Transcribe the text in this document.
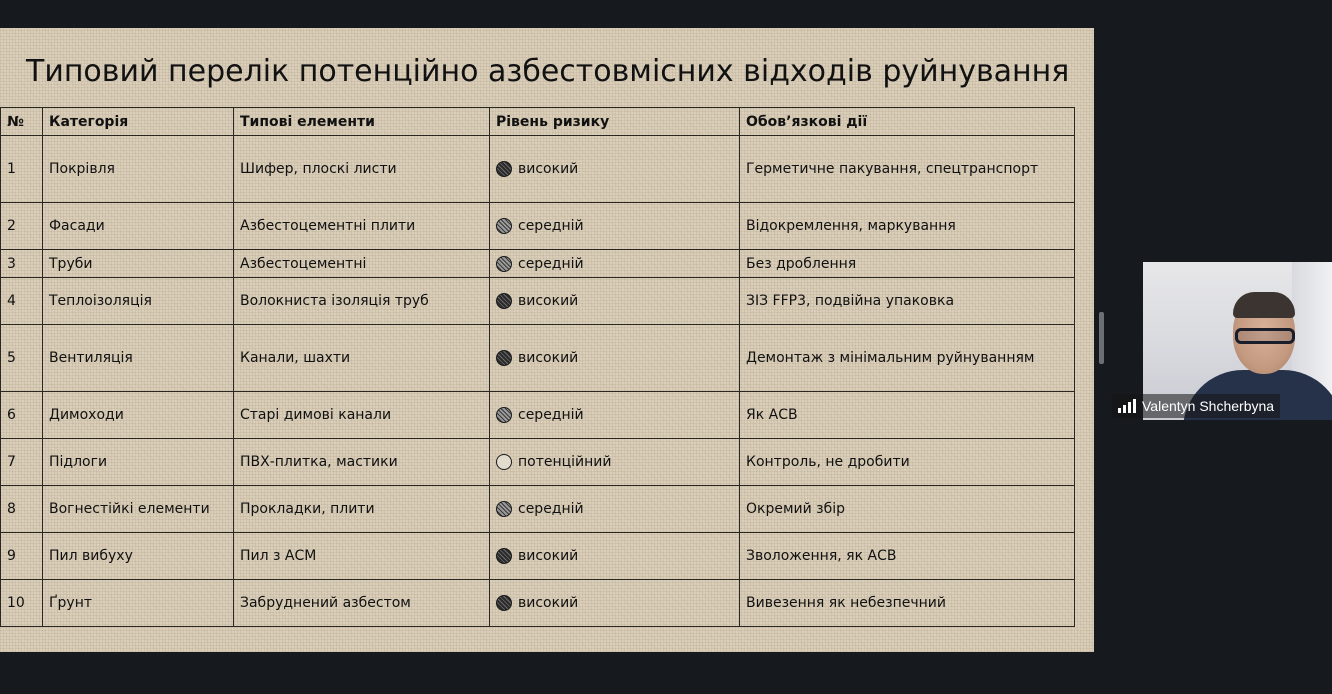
Типовий перелік потенційно азбестовмісних відходів руйнування
№	Категорія	Типові елементи	Рівень ризику	Обов’язкові дії
1	Покрівля	Шифер, плоскі листи	високий	Герметичне пакування, спецтранспорт
2	Фасади	Азбестоцементні плити	середній	Відокремлення, маркування
3	Труби	Азбестоцементні	середній	Без дроблення
4	Теплоізоляція	Волокниста ізоляція труб	високий	ЗІЗ FFP3, подвійна упаковка
5	Вентиляція	Канали, шахти	високий	Демонтаж з мінімальним руйнуванням
6	Димоходи	Старі димові канали	середній	Як АСВ
7	Підлоги	ПВХ-плитка, мастики	потенційний	Контроль, не дробити
8	Вогнестійкі елементи	Прокладки, плити	середній	Окремий збір
9	Пил вибуху	Пил з АСМ	високий	Зволоження, як АСВ
10	Ґрунт	Забруднений азбестом	високий	Вивезення як небезпечний
Valentyn Shcherbyna
